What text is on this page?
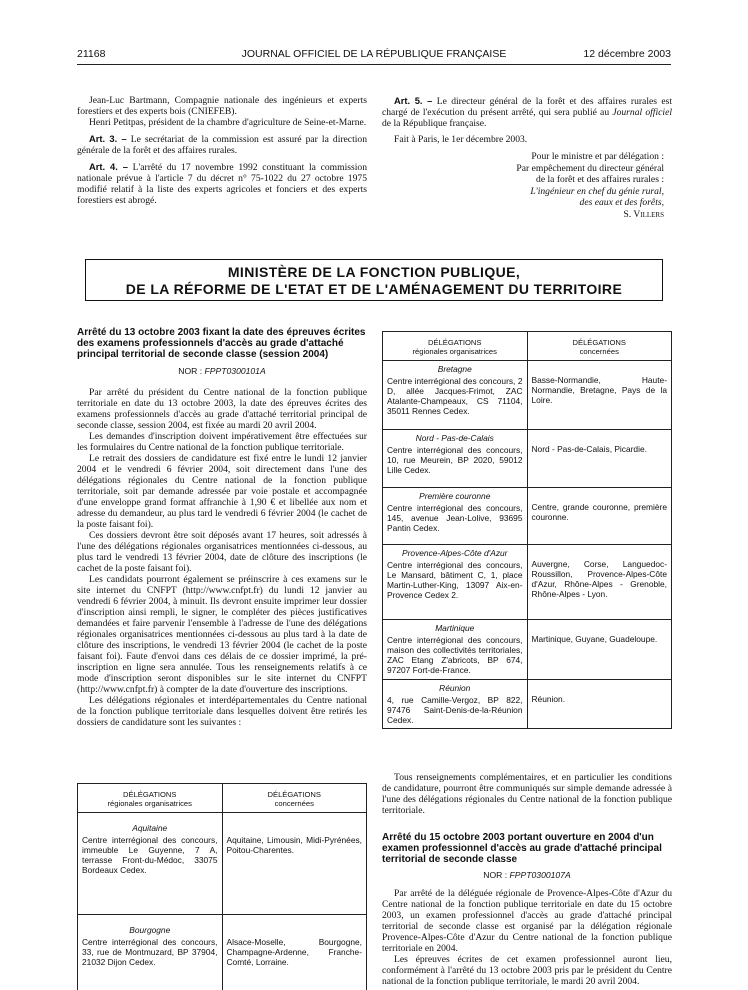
21168	JOURNAL OFFICIEL DE LA RÉPUBLIQUE FRANÇAISE	12 décembre 2003

Jean-Luc Bartmann, Compagnie nationale des ingénieurs et experts forestiers et des experts bois (CNIEFEB).

Henri Petitpas, président de la chambre d'agriculture de Seine-et-Marne.

Art. 3. – Le secrétariat de la commission est assuré par la direction générale de la forêt et des affaires rurales.

Art. 4. – L'arrêté du 17 novembre 1992 constituant la commission nationale prévue à l'article 7 du décret n° 75-1022 du 27 octobre 1975 modifié relatif à la liste des experts agricoles et fonciers et des experts forestiers est abrogé.

Art. 5. – Le directeur général de la forêt et des affaires rurales est chargé de l'exécution du présent arrêté, qui sera publié au Journal officiel de la République française.

Fait à Paris, le 1er décembre 2003.

Pour le ministre et par délégation :
Par empêchement du directeur général
de la forêt et des affaires rurales :
L'ingénieur en chef du génie rural,
des eaux et des forêts,
S. Villers
MINISTÈRE DE LA FONCTION PUBLIQUE,
DE LA RÉFORME DE L'ETAT ET DE L'AMÉNAGEMENT DU TERRITOIRE
Arrêté du 13 octobre 2003 fixant la date des épreuves écrites des examens professionnels d'accès au grade d'attaché principal territorial de seconde classe (session 2004)
NOR : FPPT0300101A

Par arrêté du président du Centre national de la fonction publique territoriale en date du 13 octobre 2003, la date des épreuves écrites des examens professionnels d'accès au grade d'attaché territorial principal de seconde classe, session 2004, est fixée au mardi 20 avril 2004.

Les demandes d'inscription doivent impérativement être effectuées sur les formulaires du Centre national de la fonction publique territoriale.

Le retrait des dossiers de candidature est fixé entre le lundi 12 janvier 2004 et le vendredi 6 février 2004, soit directement dans l'une des délégations régionales du Centre national de la fonction publique territoriale, soit par demande adressée par voie postale et accompagnée d'une enveloppe grand format affranchie à 1,90 € et libellée aux nom et adresse du demandeur, au plus tard le vendredi 6 février 2004 (le cachet de la poste faisant foi).

Ces dossiers devront être soit déposés avant 17 heures, soit adressés à l'une des délégations régionales organisatrices mentionnées ci-dessous, au plus tard le vendredi 13 février 2004, date de clôture des inscriptions (le cachet de la poste faisant foi).

Les candidats pourront également se préinscrire à ces examens sur le site internet du CNFPT (http://www.cnfpt.fr) du lundi 12 janvier au vendredi 6 février 2004, à minuit. Ils devront ensuite imprimer leur dossier d'inscription ainsi rempli, le signer, le compléter des pièces justificatives demandées et faire parvenir l'ensemble à l'adresse de l'une des délégations régionales organisatrices mentionnées ci-dessous au plus tard à la date de clôture des inscriptions, le vendredi 13 février 2004 (le cachet de la poste faisant foi). Faute d'envoi dans ces délais de ce dossier imprimé, la pré-inscription en ligne sera annulée. Tous les renseignements relatifs à ce mode d'inscription seront disponibles sur le site internet du CNFPT (http://www.cnfpt.fr) à compter de la date d'ouverture des inscriptions.

Les délégations régionales et interdépartementales du Centre national de la fonction publique territoriale dans lesquelles doivent être retirés les dossiers de candidature sont les suivantes :

DÉLÉGATIONS
régionales organisatrices	DÉLÉGATIONS
concernées

Aquitaine
Centre interrégional des concours, immeuble Le Guyenne, 7 A, terrasse Front-du-Médoc, 33075 Bordeaux Cedex.	Aquitaine, Limousin, Midi-Pyrénées, Poitou-Charentes.

Bourgogne
Centre interrégional des concours, 33, rue de Montmuzard, BP 37904, 21032 Dijon Cedex.	Alsace-Moselle, Bourgogne, Champagne-Ardenne, Franche-Comté, Lorraine.
DÉLÉGATIONS
régionales organisatrices	DÉLÉGATIONS
concernées

Bretagne
Centre interrégional des concours, 2 D, allée Jacques-Frimot, ZAC Atalante-Champeaux, CS 71104, 35011 Rennes Cedex.	Basse-Normandie, Haute-Normandie, Bretagne, Pays de la Loire.

Nord - Pas-de-Calais
Centre interrégional des concours, 10, rue Meurein, BP 2020, 59012 Lille Cedex.	Nord - Pas-de-Calais, Picardie.

Première couronne
Centre interrégional des concours, 145, avenue Jean-Lolive, 93695 Pantin Cedex.	Centre, grande couronne, première couronne.

Provence-Alpes-Côte d'Azur
Centre interrégional des concours, Le Mansard, bâtiment C, 1, place Martin-Luther-King, 13097 Aix-en-Provence Cedex 2.	Auvergne, Corse, Languedoc-Roussillon, Provence-Alpes-Côte d'Azur, Rhône-Alpes - Grenoble, Rhône-Alpes - Lyon.

Martinique
Centre interrégional des concours, maison des collectivités territoriales, ZAC Etang Z'abricots, BP 674, 97207 Fort-de-France.	Martinique, Guyane, Guadeloupe.

Réunion
4, rue Camille-Vergoz, BP 822, 97476 Saint-Denis-de-la-Réunion Cedex.	Réunion.

Tous renseignements complémentaires, et en particulier les conditions de candidature, pourront être communiqués sur simple demande adressée à l'une des délégations régionales du Centre national de la fonction publique territoriale.

Arrêté du 15 octobre 2003 portant ouverture en 2004 d'un examen professionnel d'accès au grade d'attaché principal territorial de seconde classe
NOR : FPPT0300107A

Par arrêté de la déléguée régionale de Provence-Alpes-Côte d'Azur du Centre national de la fonction publique territoriale en date du 15 octobre 2003, un examen professionnel d'accès au grade d'attaché principal territorial de seconde classe est organisé par la délégation régionale Provence-Alpes-Côte d'Azur du Centre national de la fonction publique territoriale en 2004.

Les épreuves écrites de cet examen professionnel auront lieu, conformément à l'arrêté du 13 octobre 2003 pris par le président du Centre national de la fonction publique territoriale, le mardi 20 avril 2004.
